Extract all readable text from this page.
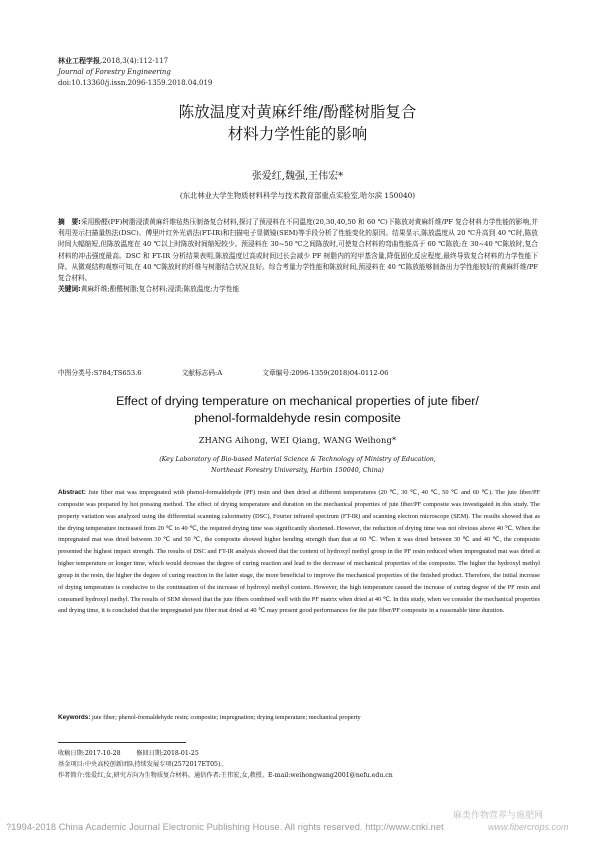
林业工程学报,2018,3(4):112-117
Journal of Forestry Engineering
doi:10.13360/j.issn.2096-1359.2018.04.019
陈放温度对黄麻纤维/酚醛树脂复合
材料力学性能的影响
张爱红,魏强,王伟宏*
(东北林业大学生物质材料科学与技术教育部重点实验室,哈尔滨 150040)
摘　要:采用酚醛(PF)树脂浸渍黄麻纤维毡热压制备复合材料,探讨了预浸料在不同温度(20,30,40,50 和 60 ℃)下陈放对黄麻纤维/PF 复合材料力学性能的影响,并利用差示扫描量热法(DSC)、傅里叶红外光谱法(FT-IR)和扫描电子显微镜(SEM)等手段分析了性能变化的原因。结果显示,陈放温度从 20 ℃升高到 40 ℃时,陈放时间大幅缩短,但陈放温度在 40 ℃以上时陈放时间缩短较少。预浸料在 30~50 ℃之间陈放时,可使复合材料的弯曲性能高于 60 ℃陈放;在 30~40 ℃陈放时,复合材料的冲击强度最高。DSC 和 FT-IR 分析结果表明,陈放温度过高或时间过长会减少 PF 树脂内的羟甲基含量,降低固化反应程度,最终导致复合材料的力学性能下降。从微观结构观察可知,在 40 ℃陈放时的纤维与树脂结合状况良好。综合考量力学性能和陈放时间,预浸料在 40 ℃陈放能够制备出力学性能较好的黄麻纤维/PF 复合材料。
关键词:黄麻纤维;酚醛树脂;复合材料;浸渍;陈放温度;力学性能
中图分类号:S784;TS653.6	文献标志码:A	文章编号:2096-1359(2018)04-0112-06
Effect of drying temperature on mechanical properties of jute fiber/
phenol-formaldehyde resin composite
ZHANG Aihong, WEI Qiang, WANG Weihong*
(Key Laboratory of Bio-based Material Science & Technology of Ministry of Education,
Northeast Forestry University, Harbin 150040, China)
Abstract: Jute fiber mat was impregnated with phenol-formaldehyde (PF) resin and then dried at different temperatures (20 ℃, 30 ℃, 40 ℃, 50 ℃ and 60 ℃). The jute fiber/PF composite was prepared by hot pressing method. The effect of drying temperature and duration on the mechanical properties of jute fiber/PF composite was investigated in this study. The property variation was analyzed using the differential scanning calorimetry (DSC), Fourier infrared spectrum (FT-IR) and scanning electron microscope (SEM). The results showed that as the drying temperature increased from 20 ℃ to 40 ℃, the required drying time was significantly shortened. However, the reduction of drying time was not obvious above 40 ℃. When the impregnated mat was dried between 30 ℃ and 50 ℃, the composite showed higher bending strength than that at 60 ℃. When it was dried between 30 ℃ and 40 ℃, the composite presented the highest impact strength. The results of DSC and FT-IR analysis showed that the content of hydroxyl methyl group in the PF resin reduced when impregnated mat was dried at higher temperature or longer time, which would decrease the degree of curing reaction and lead to the decrease of mechanical properties of the composite. The higher the hydroxyl methyl group in the resin, the higher the degree of curing reaction in the latter stage, the more beneficial to improve the mechanical properties of the finished product. Therefore, the initial increase of drying temperature is conducive to the continuation of the increase of hydroxyl methyl content. However, the high temperature caused the increase of curing degree of the PF resin and consumed hydroxyl methyl. The results of SEM showed that the jute fibers combined well with the PF matrix when dried at 40 ℃. In this study, when we consider the mechanical properties and drying time, it is concluded that the impregnated jute fiber mat dried at 40 ℃ may present good performances for the jute fiber/PF composite in a reasonable time duration.
Keywords: jute fiber; phenol-formaldehyde resin; composite; impregnation; drying temperature; mechanical property
收稿日期:2017-10-28	修回日期:2018-01-25
基金项目:中央高校创新团队持续发展专项(2572017ET05)。
作者简介:张爱红,女,研究方向为生物质复合材料。通信作者:王伟宏,女,教授。E-mail:weihongwang2001@nefu.edu.cn
麻类作物营养与施肥网
?1994-2018 China Academic Journal Electronic Publishing House. All rights reserved. http://www.cnki.net	www.fibercrops.com
